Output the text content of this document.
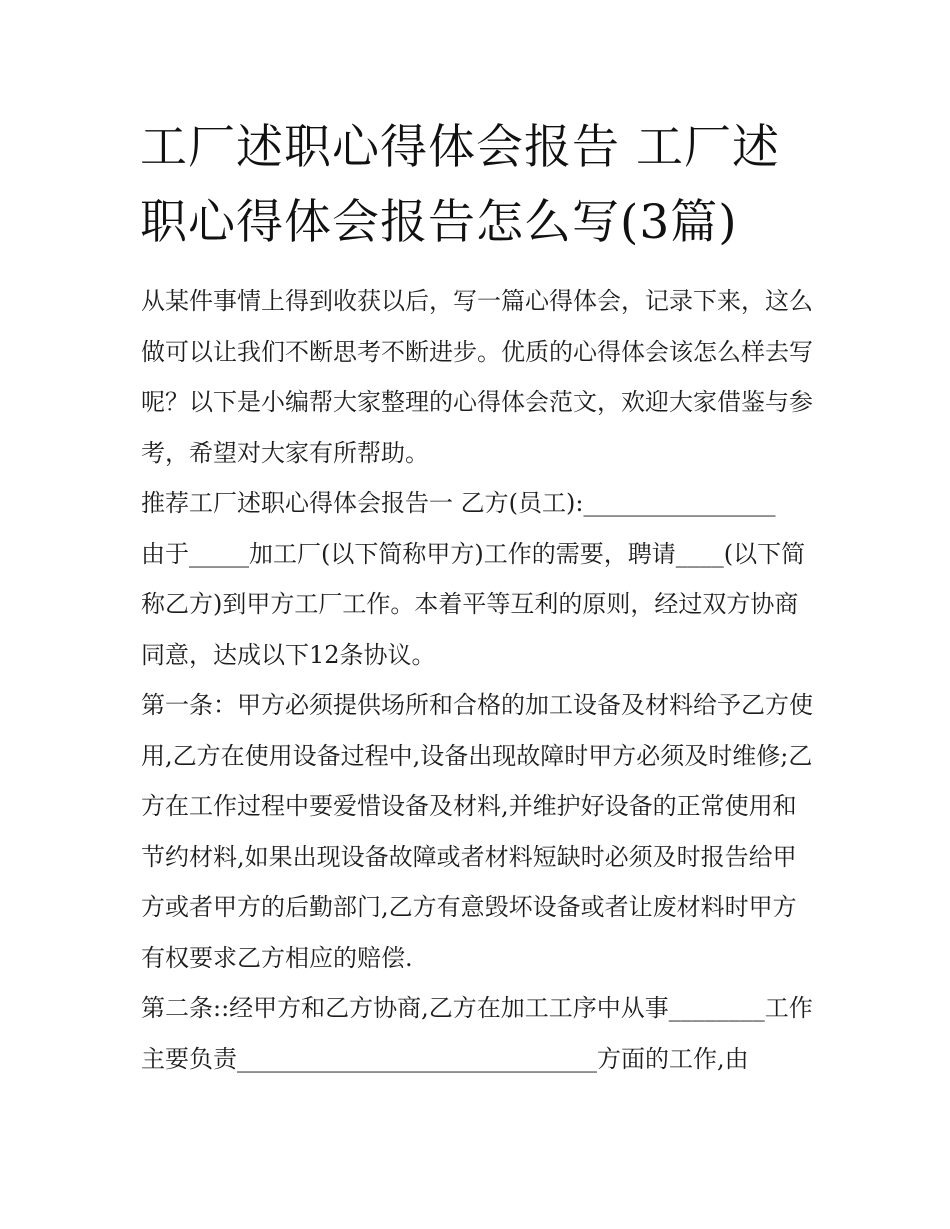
工厂述职心得体会报告 工厂述职心得体会报告怎么写(3篇)

从某件事情上得到收获以后，写一篇心得体会，记录下来，这么做可以让我们不断思考不断进步。优质的心得体会该怎么样去写呢？以下是小编帮大家整理的心得体会范文，欢迎大家借鉴与参考，希望对大家有所帮助。

推荐工厂述职心得体会报告一 乙方(员工):________________

由于_____加工厂(以下简称甲方)工作的需要，聘请____(以下简称乙方)到甲方工厂工作。本着平等互利的原则，经过双方协商同意，达成以下12条协议。

第一条：甲方必须提供场所和合格的加工设备及材料给予乙方使用,乙方在使用设备过程中,设备出现故障时甲方必须及时维修;乙方在工作过程中要爱惜设备及材料,并维护好设备的正常使用和节约材料,如果出现设备故障或者材料短缺时必须及时报告给甲方或者甲方的后勤部门,乙方有意毁坏设备或者让废材料时甲方有权要求乙方相应的赔偿.

第二条::经甲方和乙方协商,乙方在加工工序中从事________工作主要负责______________________________方面的工作,由
